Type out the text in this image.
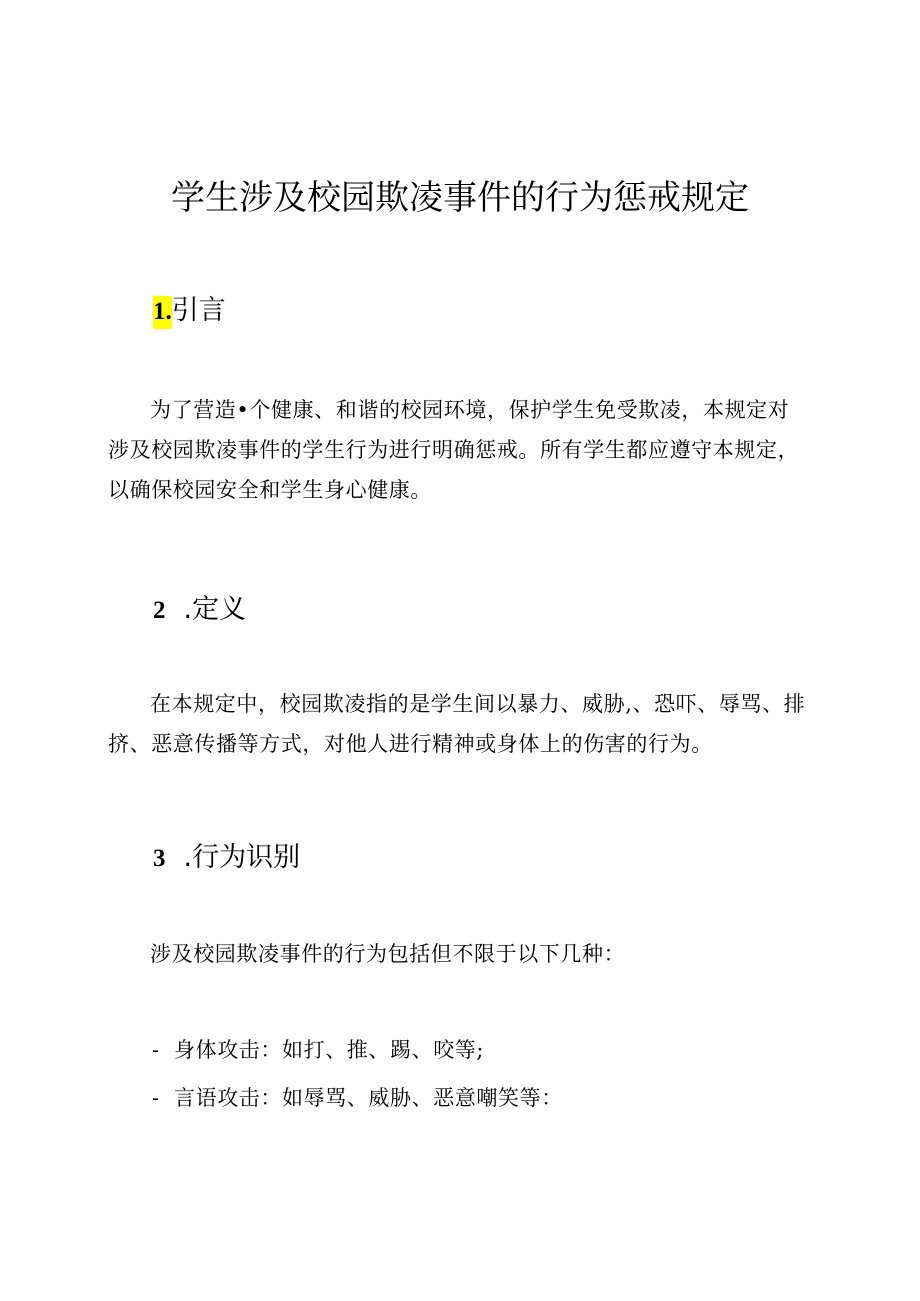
学生涉及校园欺凌事件的行为惩戒规定
1.引言

为了营造•个健康、和谐的校园环境，保护学生免受欺凌，本规定对涉及校园欺凌事件的学生行为进行明确惩戒。所有学生都应遵守本规定，以确保校园安全和学生身心健康。

2 .定义

在本规定中，校园欺凌指的是学生间以暴力、威胁,、恐吓、辱骂、排挤、恶意传播等方式，对他人进行精神或身体上的伤害的行为。

3 .行为识别

涉及校园欺凌事件的行为包括但不限于以下几种：

- 身体攻击：如打、推、踢、咬等;

- 言语攻击：如辱骂、威胁、恶意嘲笑等：
